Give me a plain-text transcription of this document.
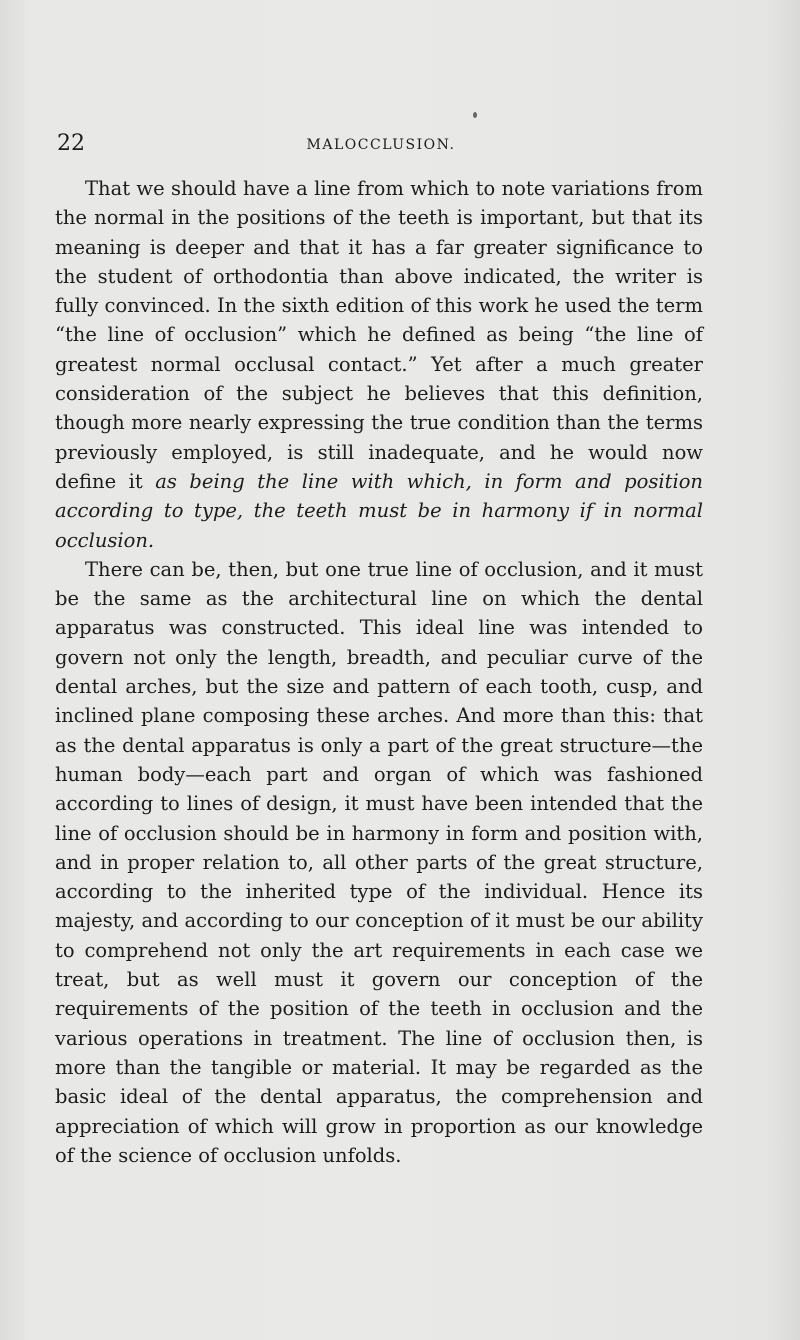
22	MALOCCLUSION.

That we should have a line from which to note variations from the normal in the positions of the teeth is important, but that its meaning is deeper and that it has a far greater significance to the student of orthodontia than above indicated, the writer is fully convinced. In the sixth edition of this work he used the term “the line of occlusion” which he defined as being “the line of greatest normal occlusal contact.” Yet after a much greater consideration of the subject he believes that this definition, though more nearly expressing the true condition than the terms previously employed, is still inadequate, and he would now define it as being the line with which, in form and position according to type, the teeth must be in harmony if in normal occlusion.

There can be, then, but one true line of occlusion, and it must be the same as the architectural line on which the dental apparatus was constructed. This ideal line was intended to govern not only the length, breadth, and peculiar curve of the dental arches, but the size and pattern of each tooth, cusp, and inclined plane composing these arches. And more than this: that as the dental apparatus is only a part of the great structure—the human body—each part and organ of which was fashioned according to lines of design, it must have been intended that the line of occlusion should be in harmony in form and position with, and in proper relation to, all other parts of the great structure, according to the inherited type of the individual. Hence its majesty, and according to our conception of it must be our ability to comprehend not only the art requirements in each case we treat, but as well must it govern our conception of the requirements of the position of the teeth in occlusion and the various operations in treatment. The line of occlusion then, is more than the tangible or material. It may be regarded as the basic ideal of the dental apparatus, the comprehension and appreciation of which will grow in proportion as our knowledge of the science of occlusion unfolds.
